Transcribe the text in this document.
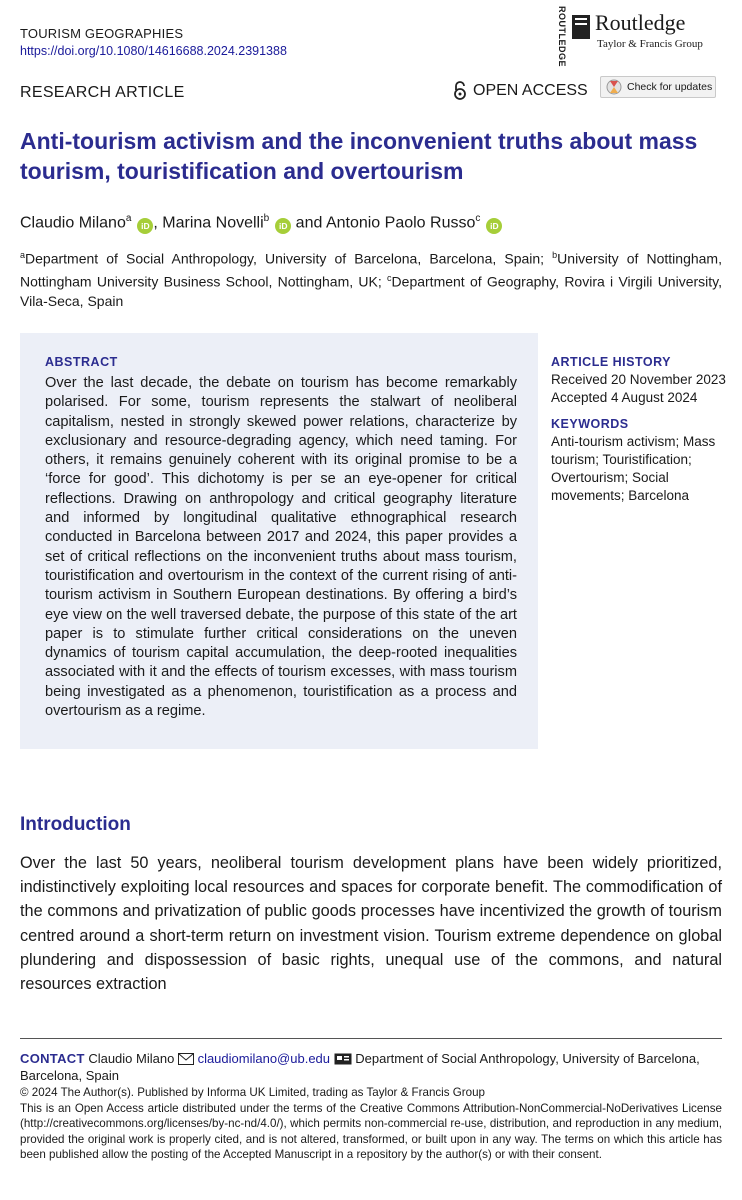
TOURISM GEOGRAPHIES
https://doi.org/10.1080/14616688.2024.2391388	ROUTLEDGE Routledge
Taylor & Francis Group
RESEARCH ARTICLE	OPEN ACCESS	Check for updates
Anti-tourism activism and the inconvenient truths about mass tourism, touristification and overtourism
Claudio Milano$^a$iD , Marina Novelli$^b$iD and Antonio Paolo Russo$^c$iD
$^a$Department of Social Anthropology, University of Barcelona, Barcelona, Spain; $^b$University of Nottingham, Nottingham University Business School, Nottingham, UK; $^c$Department of Geography, Rovira i Virgili University, Vila-Seca, Spain
ABSTRACT
Over the last decade, the debate on tourism has become remarkably polarised. For some, tourism represents the stalwart of neoliberal capitalism, nested in strongly skewed power relations, characterize by exclusionary and resource-degrading agency, which need taming. For others, it remains genuinely coherent with its original promise to be a ‘force for good’. This dichotomy is per se an eye-opener for critical reflections. Drawing on anthropology and critical geography literature and informed by longitudinal qualitative ethnographical research conducted in Barcelona between 2017 and 2024, this paper provides a set of critical reflections on the inconvenient truths about mass tourism, touristification and overtourism in the context of the current rising of anti-tourism activism in Southern European destinations. By offering a bird’s eye view on the well traversed debate, the purpose of this state of the art paper is to stimulate further critical considerations on the uneven dynamics of tourism capital accumulation, the deep-rooted inequalities associated with it and the effects of tourism excesses, with mass tourism being investigated as a phenomenon, touristification as a process and overtourism as a regime.
ARTICLE HISTORY
Received 20 November 2023
Accepted 4 August 2024
KEYWORDS
Anti-tourism activism; Mass tourism; Touristification; Overtourism; Social movements; Barcelona
Introduction
Over the last 50 years, neoliberal tourism development plans have been widely prioritized, indistinctively exploiting local resources and spaces for corporate benefit. The commodification of the commons and privatization of public goods processes have incentivized the growth of tourism centred around a short-term return on investment vision. Tourism extreme dependence on global plundering and dispossession of basic rights, unequal use of the commons, and natural resources extraction
CONTACT Claudio Milano claudiomilano@ub.edu Department of Social Anthropology, University of Barcelona, Barcelona, Spain
© 2024 The Author(s). Published by Informa UK Limited, trading as Taylor & Francis Group
This is an Open Access article distributed under the terms of the Creative Commons Attribution-NonCommercial-NoDerivatives License (http://creativecommons.org/licenses/by-nc-nd/4.0/), which permits non-commercial re-use, distribution, and reproduction in any medium, provided the original work is properly cited, and is not altered, transformed, or built upon in any way. The terms on which this article has been published allow the posting of the Accepted Manuscript in a repository by the author(s) or with their consent.
